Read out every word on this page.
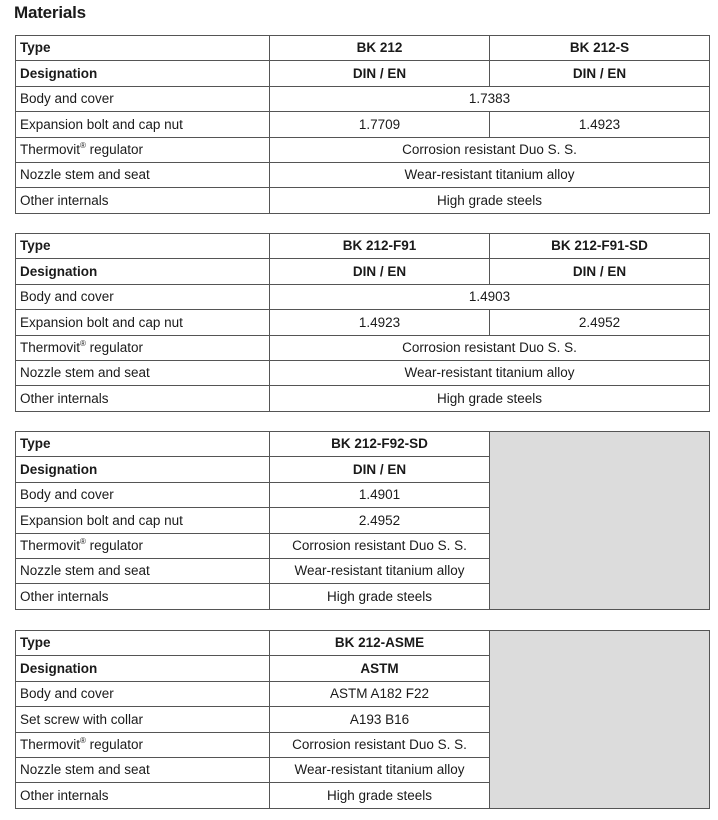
Materials
Type	BK 212	BK 212-S
Designation	DIN / EN	DIN / EN
Body and cover	1.7383	
Expansion bolt and cap nut	1.7709	1.4923
Thermovit® regulator	Corrosion resistant Duo S. S.	
Nozzle stem and seat	Wear-resistant titanium alloy	
Other internals	High grade steels	
Type	BK 212-F91	BK 212-F91-SD
Designation	DIN / EN	DIN / EN
Body and cover	1.4903	
Expansion bolt and cap nut	1.4923	2.4952
Thermovit® regulator	Corrosion resistant Duo S. S.	
Nozzle stem and seat	Wear-resistant titanium alloy	
Other internals	High grade steels	
Type	BK 212-F92-SD	
Designation	DIN / EN	
Body and cover	1.4901	
Expansion bolt and cap nut	2.4952	
Thermovit® regulator	Corrosion resistant Duo S. S.	
Nozzle stem and seat	Wear-resistant titanium alloy	
Other internals	High grade steels	
Type	BK 212-ASME	
Designation	ASTM	
Body and cover	ASTM A182 F22	
Set screw with collar	A193 B16	
Thermovit® regulator	Corrosion resistant Duo S. S.	
Nozzle stem and seat	Wear-resistant titanium alloy	
Other internals	High grade steels	
